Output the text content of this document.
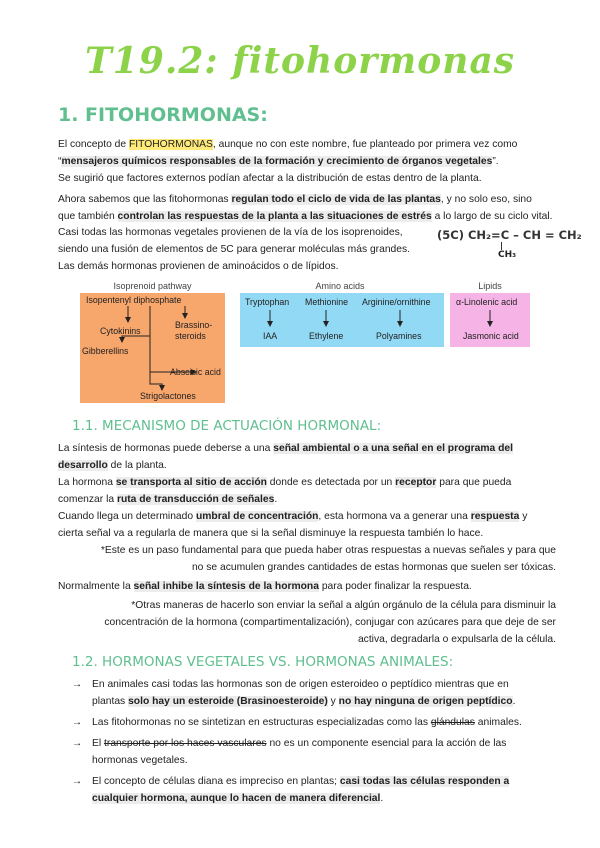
T19.2: fitohormonas
1. FITOHORMONAS:
El concepto de FITOHORMONAS, aunque no con este nombre, fue planteado por primera vez como
“mensajeros químicos responsables de la formación y crecimiento de órganos vegetales”.
Se sugirió que factores externos podían afectar a la distribución de estas dentro de la planta.
Ahora sabemos que las fitohormonas regulan todo el ciclo de vida de las plantas, y no solo eso, sino
que también controlan las respuestas de la planta a las situaciones de estrés a lo largo de su ciclo vital.
Casi todas las hormonas vegetales provienen de la vía de los isoprenoides,
siendo una fusión de elementos de 5C para generar moléculas más grandes.
(5C) CH₂=C – CH = CH₂
CH₃
Las demás hormonas provienen de aminoácidos o de lípidos.
Isoprenoid pathway	Amino acids	Lipids
Isopentenyl diphosphate
Cytokinins
Brassino-
steroids
Gibberellins
Abscisic acid
Strigolactones
Tryptophan Methionine Arginine/ornithine
IAA	Ethylene	Polyamines
α-Linolenic acid
Jasmonic acid
1.1. MECANISMO DE ACTUACIÓN HORMONAL:
La síntesis de hormonas puede deberse a una señal ambiental o a una señal en el programa del
desarrollo de la planta.
La hormona se transporta al sitio de acción donde es detectada por un receptor para que pueda
comenzar la ruta de transducción de señales.
Cuando llega un determinado umbral de concentración, esta hormona va a generar una respuesta y
cierta señal va a regularla de manera que si la señal disminuye la respuesta también lo hace.
*Este es un paso fundamental para que pueda haber otras respuestas a nuevas señales y para que
no se acumulen grandes cantidades de estas hormonas que suelen ser tóxicas.
Normalmente la señal inhibe la síntesis de la hormona para poder finalizar la respuesta.
*Otras maneras de hacerlo son enviar la señal a algún orgánulo de la célula para disminuir la
concentración de la hormona (compartimentalización), conjugar con azúcares para que deje de ser
activa, degradarla o expulsarla de la célula.
1.2. HORMONAS VEGETALES VS. HORMONAS ANIMALES:
→ En animales casi todas las hormonas son de origen esteroideo o peptídico mientras que en
plantas solo hay un esteroide (Brasinoesteroide) y no hay ninguna de origen peptídico.
→ Las fitohormonas no se sintetizan en estructuras especializadas como las glándulas animales.
→ El transporte por los haces vasculares no es un componente esencial para la acción de las
hormonas vegetales.
→ El concepto de células diana es impreciso en plantas; casi todas las células responden a
cualquier hormona, aunque lo hacen de manera diferencial.
